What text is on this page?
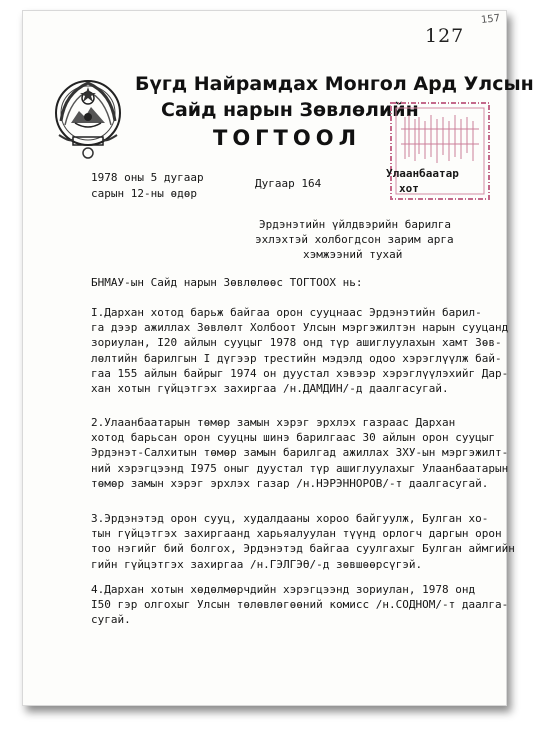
127
157
Бүгд Найрамдах Монгол Ард Улсын
Сайд нарын Зөвлөлийн
ТОГТООЛ
1978 оны 5 дугаар
сарын 12-ны өдөр
Дугаар 164
Улаанбаатар
хот
Эрдэнэтийн үйлдвэрийн барилга
эхлэхтэй холбогдсон зарим арга
хэмжээний тухай
БНМАУ-ын Сайд нарын Зөвлөлөөс ТОГТООХ нь:
I.Дархан хотод барьж байгаа орон сууцнаас Эрдэнэтийн барил-
га дээр ажиллах Зөвлөлт Холбоот Улсын мэргэжилтэн нарын сууцанд
зориулан, I20 айлын сууцыг 1978 онд түр ашиглуулахын хамт Зөв-
лөлтийн барилгын I дүгээр трестийн мэдэлд одоо хэрэглүүлж бай-
гаа 155 айлын байрыг 1974 он дуустал хэвээр хэрэглүүлэхийг Дар-
хан хотын гүйцэтгэх захиргаа /н.ДАМДИН/-д даалгасугай.
2.Улаанбаатарын төмөр замын хэрэг эрхлэх газраас Дархан
хотод барьсан орон сууцны шинэ барилгаас 30 айлын орон сууцыг
Эрдэнэт-Салхитын төмөр замын барилгад ажиллах ЗХУ-ын мэргэжилт-
ний хэрэгцээнд I975 оныг дуустал түр ашиглуулахыг Улаанбаатарын
төмөр замын хэрэг эрхлэх газар /н.НЭРЭННОРОВ/-т даалгасугай.
3.Эрдэнэтэд орон сууц, худалдааны хороо байгуулж, Булган хо-
тын гүйцэтгэх захиргаанд харьяалуулан түүнд орлогч даргын орон
тоо нэгийг бий болгох, Эрдэнэтэд байгаа суулгахыг Булган аймгийн
гийн гүйцэтгэх захиргаа /н.ГЭЛГЭӨ/-д зөвшөөрсүгэй.
4.Дархан хотын хөдөлмөрчдийн хэрэгцээнд зориулан, 1978 онд
I50 гэр олгохыг Улсын төлөвлөгөөний комисс /н.СОДНОМ/-т даалга-
сугай.
